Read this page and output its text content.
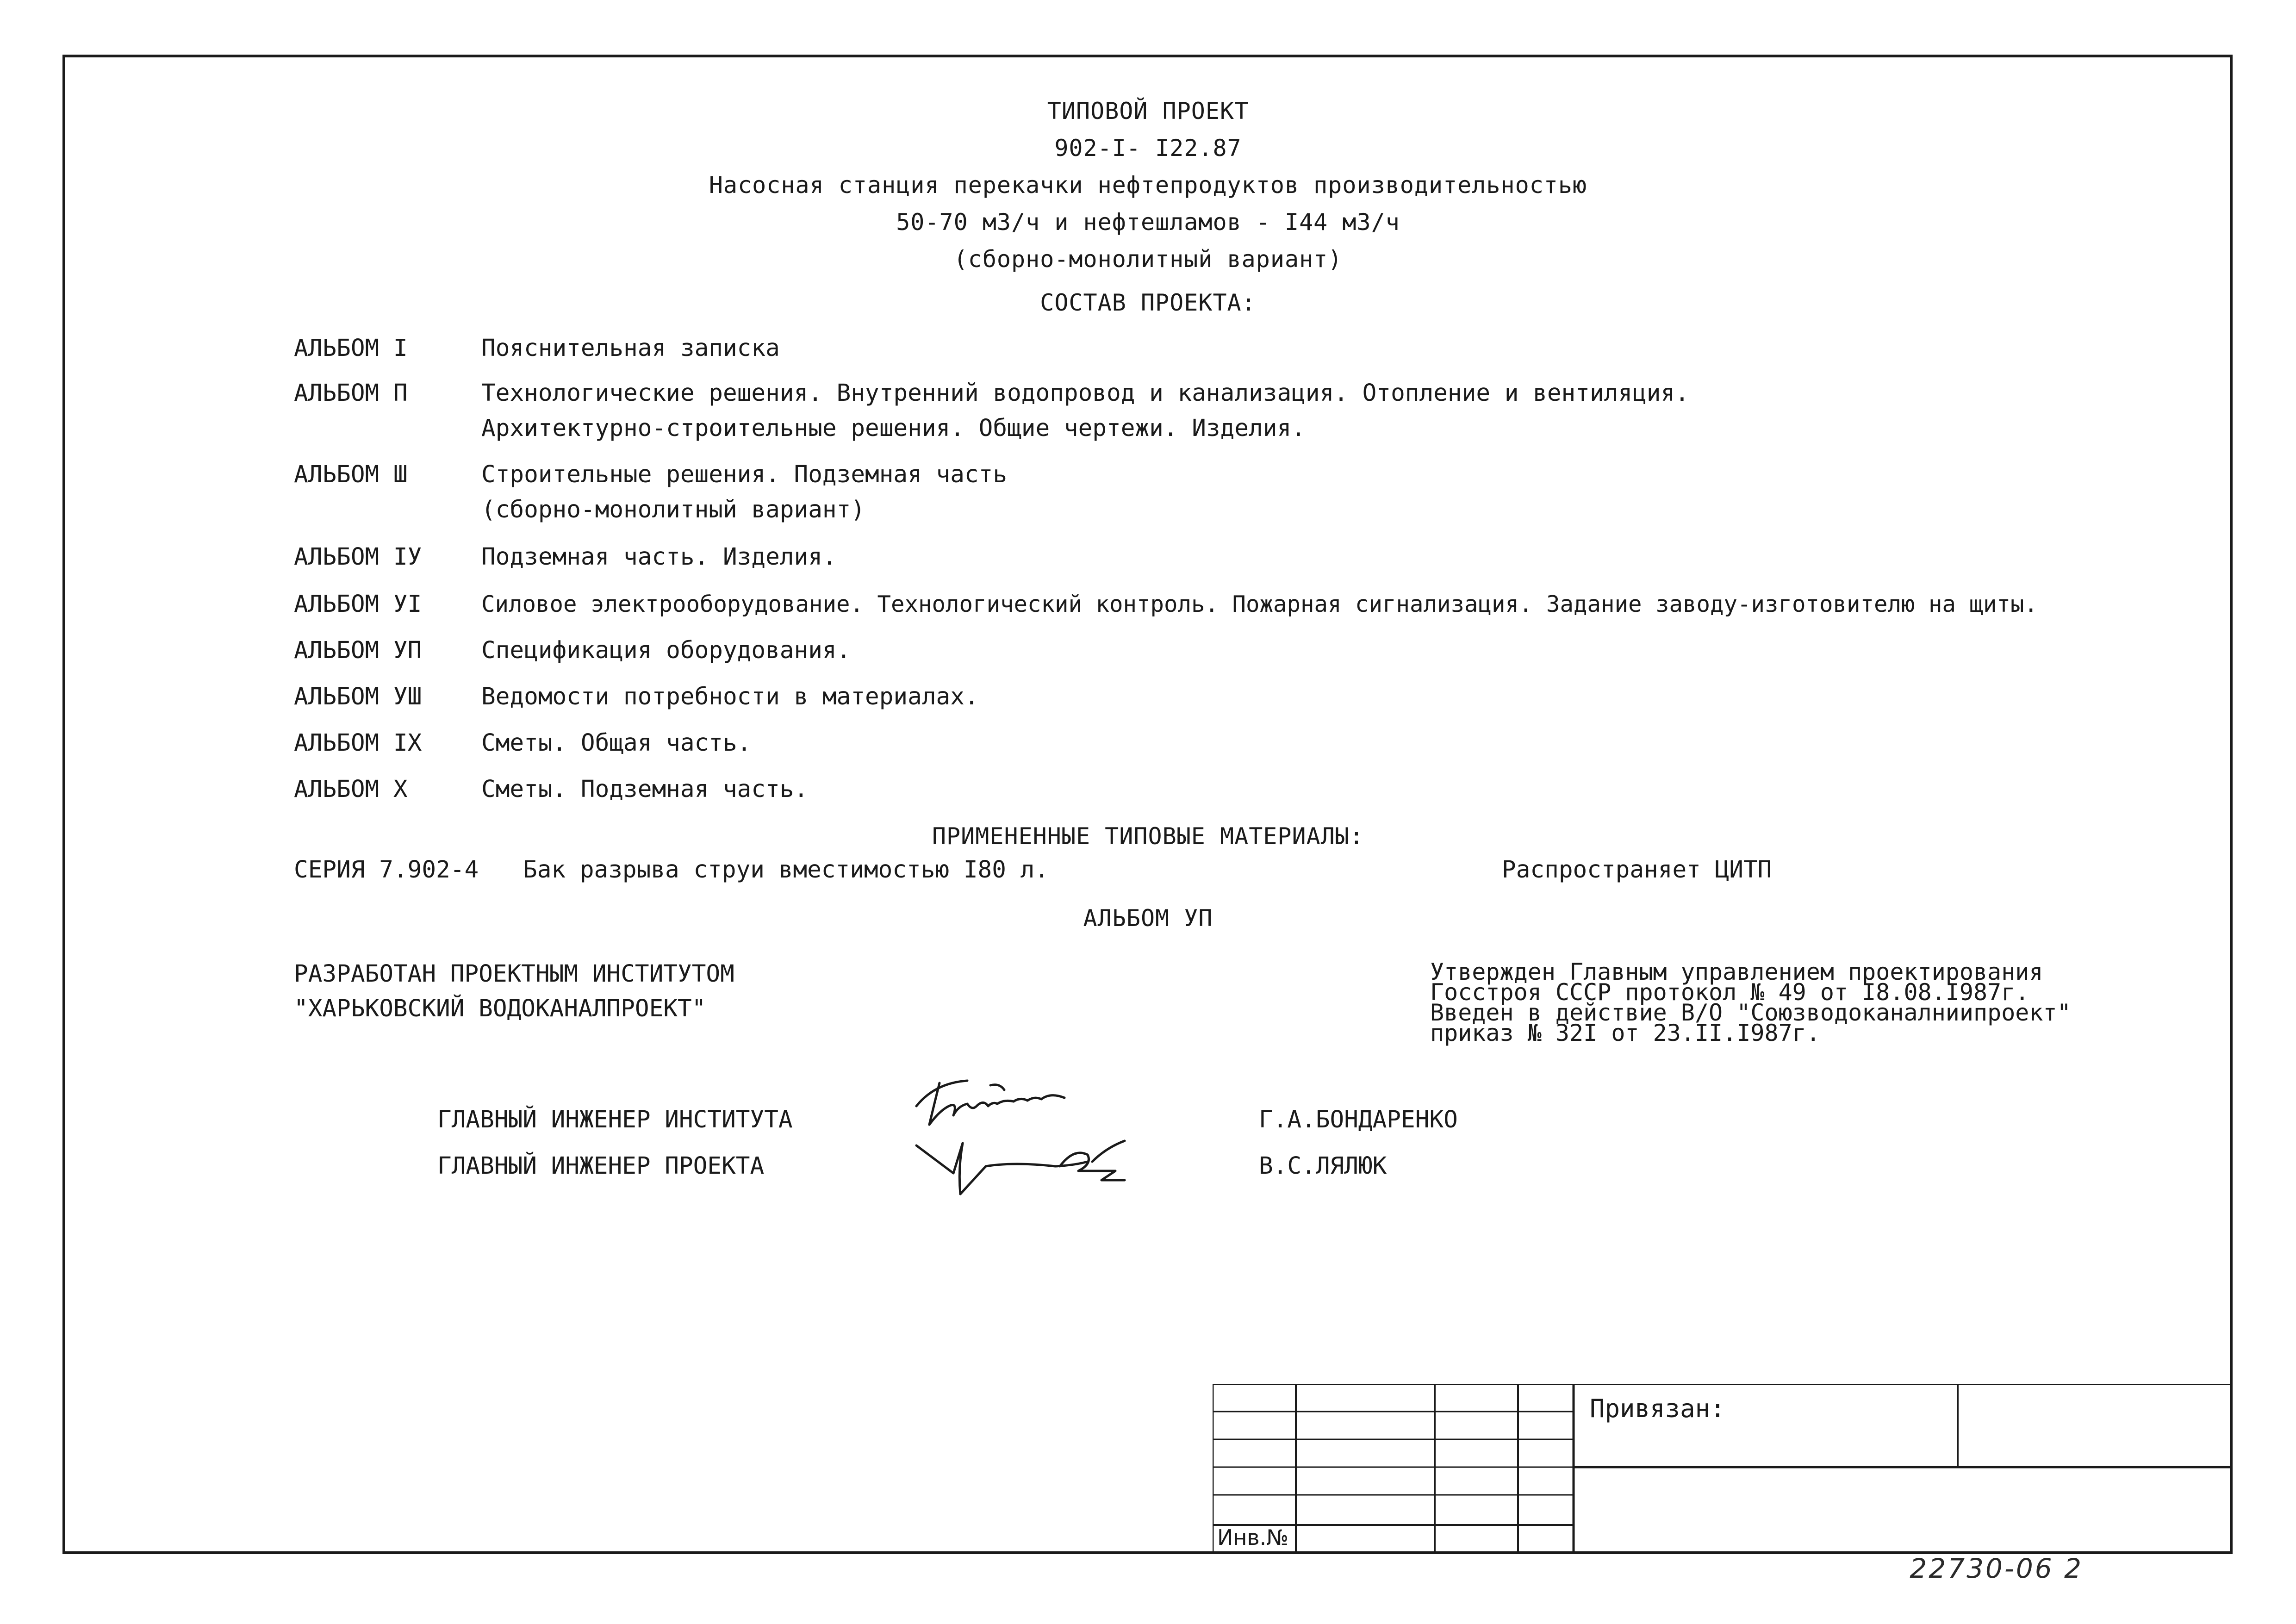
ТИПОВОЙ ПРОЕКТ
902-I- I22.87
Насосная станция перекачки нефтепродуктов производительностью
50-70 м3/ч и нефтешламов - I44 м3/ч
(сборно-монолитный вариант)
СОСТАВ ПРОЕКТА:
АЛЬБОМ I	Пояснительная записка
АЛЬБОМ П	Технологические решения. Внутренний водопровод и канализация. Отопление и вентиляция.
Архитектурно-строительные решения. Общие чертежи. Изделия.
АЛЬБОМ Ш	Строительные решения. Подземная часть
(сборно-монолитный вариант)
АЛЬБОМ IУ	Подземная часть. Изделия.
АЛЬБОМ УI	Силовое электрооборудование. Технологический контроль. Пожарная сигнализация. Задание заводу-изготовителю на щиты.
АЛЬБОМ УП	Спецификация оборудования.
АЛЬБОМ УШ	Ведомости потребности в материалах.
АЛЬБОМ IX	Сметы. Общая часть.
АЛЬБОМ X	Сметы. Подземная часть.
ПРИМЕНЕННЫЕ ТИПОВЫЕ МАТЕРИАЛЫ:
СЕРИЯ 7.902-4 Бак разрыва струи вместимостью I80 л.	Распространяет ЦИТП
АЛЬБОМ УП
РАЗРАБОТАН ПРОЕКТНЫМ ИНСТИТУТОМ
"ХАРЬКОВСКИЙ ВОДОКАНАЛПРОЕКТ"
Утвержден Главным управлением проектирования
Госстроя СССР протокол № 49 от I8.08.I987г.
Введен в действие В/О "Союзводоканалниипроект"
приказ № 32I от 23.II.I987г.
ГЛАВНЫЙ ИНЖЕНЕР ИНСТИТУТА	Г.А.БОНДАРЕНКО
ГЛАВНЫЙ ИНЖЕНЕР ПРОЕКТА	В.С.ЛЯЛЮК
Привязан:
Инв.№
22730-06 2
